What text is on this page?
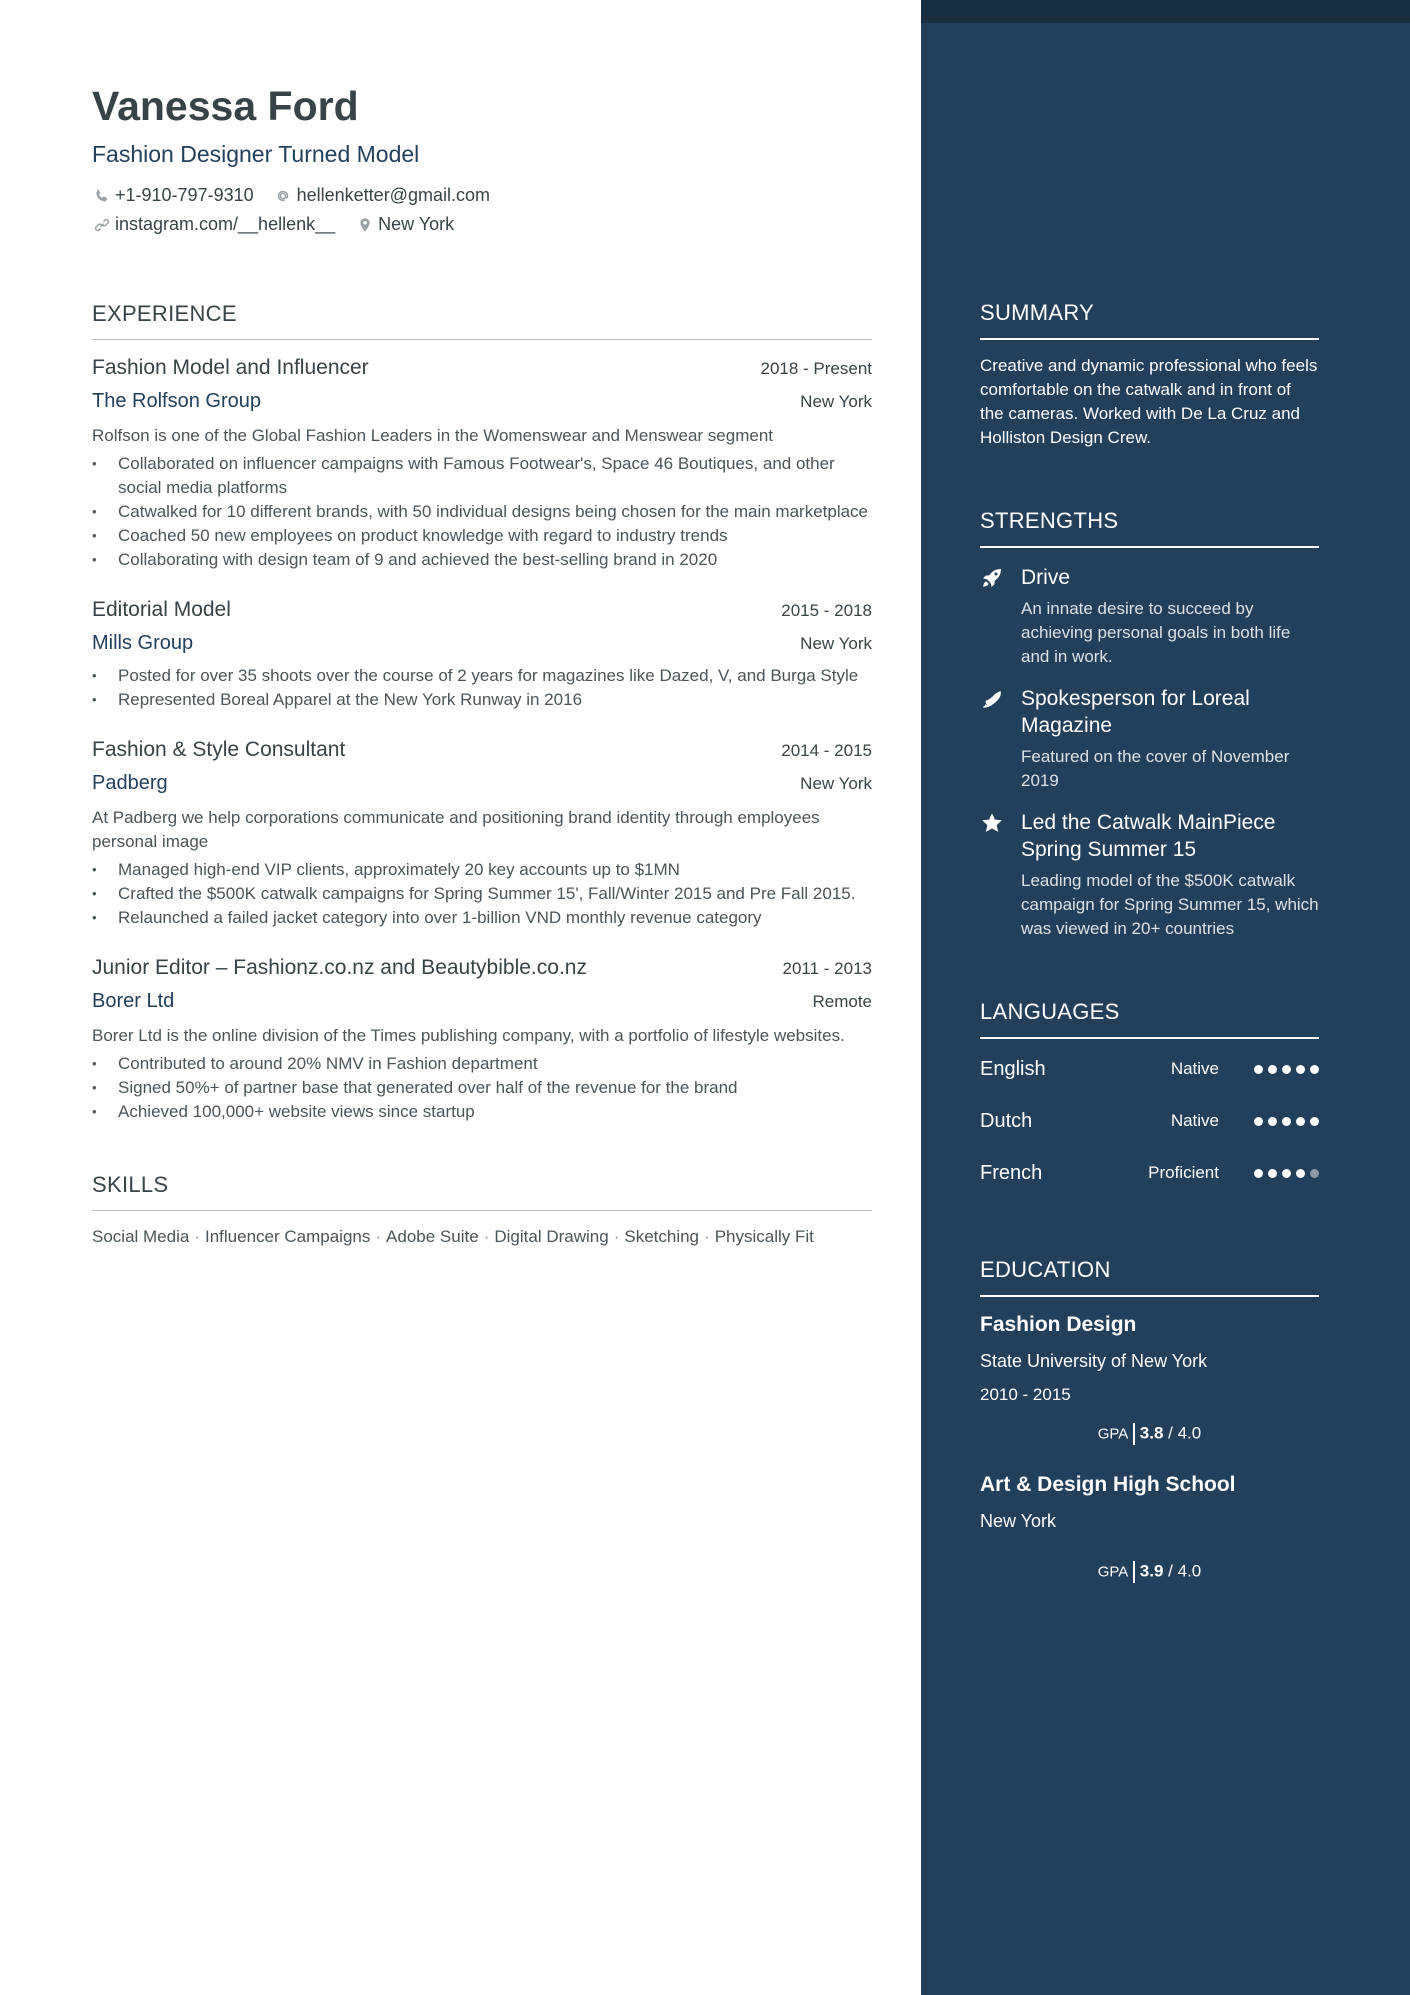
Vanessa Ford
Fashion Designer Turned Model
+1-910-797-9310 hellenketter@gmail.com
instagram.com/__hellenk__ New York
EXPERIENCE
Fashion Model and Influencer	2018 - Present
The Rolfson Group	New York
Rolfson is one of the Global Fashion Leaders in the Womenswear and Menswear segment
• Collaborated on influencer campaigns with Famous Footwear's, Space 46 Boutiques, and other social media platforms
• Catwalked for 10 different brands, with 50 individual designs being chosen for the main marketplace
• Coached 50 new employees on product knowledge with regard to industry trends
• Collaborating with design team of 9 and achieved the best-selling brand in 2020
Editorial Model	2015 - 2018
Mills Group	New York
• Posted for over 35 shoots over the course of 2 years for magazines like Dazed, V, and Burga Style
• Represented Boreal Apparel at the New York Runway in 2016
Fashion & Style Consultant	2014 - 2015
Padberg	New York
At Padberg we help corporations communicate and positioning brand identity through employees personal image
• Managed high-end VIP clients, approximately 20 key accounts up to $1MN
• Crafted the $500K catwalk campaigns for Spring Summer 15', Fall/Winter 2015 and Pre Fall 2015.
• Relaunched a failed jacket category into over 1-billion VND monthly revenue category
Junior Editor – Fashionz.co.nz and Beautybible.co.nz	2011 - 2013
Borer Ltd	Remote
Borer Ltd is the online division of the Times publishing company, with a portfolio of lifestyle websites.
• Contributed to around 20% NMV in Fashion department
• Signed 50%+ of partner base that generated over half of the revenue for the brand
• Achieved 100,000+ website views since startup
SKILLS
Social Media · Influencer Campaigns · Adobe Suite · Digital Drawing · Sketching · Physically Fit
SUMMARY
Creative and dynamic professional who feels comfortable on the catwalk and in front of the cameras. Worked with De La Cruz and Holliston Design Crew.
STRENGTHS
Drive
An innate desire to succeed by achieving personal goals in both life and in work.
Spokesperson for Loreal Magazine
Featured on the cover of November 2019
Led the Catwalk MainPiece Spring Summer 15
Leading model of the $500K catwalk campaign for Spring Summer 15, which was viewed in 20+ countries
LANGUAGES
English	Native
Dutch	Native
French	Proficient
EDUCATION
Fashion Design
State University of New York
2010 - 2015
GPA 3.8 / 4.0
Art & Design High School
New York
GPA 3.9 / 4.0
